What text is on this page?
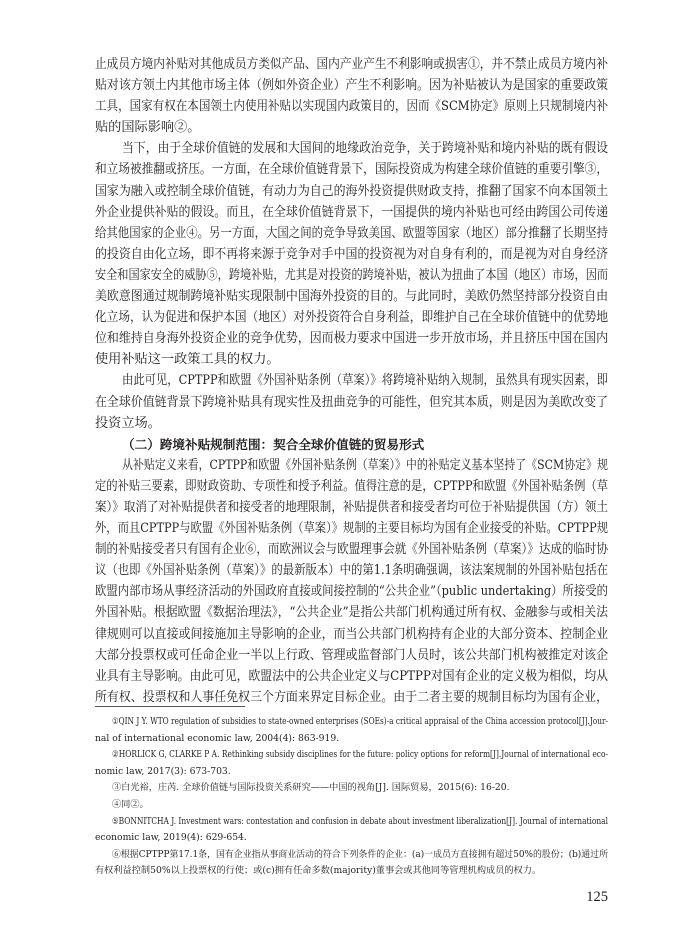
止成员方境内补贴对其他成员方类似产品、国内产业产生不利影响或损害①，并不禁止成员方境内补
贴对该方领土内其他市场主体（例如外资企业）产生不利影响。因为补贴被认为是国家的重要政策
工具，国家有权在本国领土内使用补贴以实现国内政策目的，因而《SCM协定》原则上只规制境内补
贴的国际影响②。
当下，由于全球价值链的发展和大国间的地缘政治竞争，关于跨境补贴和境内补贴的既有假设
和立场被推翻或挤压。一方面，在全球价值链背景下，国际投资成为构建全球价值链的重要引擎③，
国家为融入或控制全球价值链，有动力为自己的海外投资提供财政支持，推翻了国家不向本国领土
外企业提供补贴的假设。而且，在全球价值链背景下，一国提供的境内补贴也可经由跨国公司传递
给其他国家的企业④。另一方面，大国之间的竞争导致美国、欧盟等国家（地区）部分推翻了长期坚持
的投资自由化立场，即不再将来源于竞争对手中国的投资视为对自身有利的，而是视为对自身经济
安全和国家安全的威胁⑤，跨境补贴，尤其是对投资的跨境补贴，被认为扭曲了本国（地区）市场，因而
美欧意图通过规制跨境补贴实现限制中国海外投资的目的。与此同时，美欧仍然坚持部分投资自由
化立场，认为促进和保护本国（地区）对外投资符合自身利益，即维护自己在全球价值链中的优势地
位和维持自身海外投资企业的竞争优势，因而极力要求中国进一步开放市场，并且挤压中国在国内
使用补贴这一政策工具的权力。
由此可见，CPTPP和欧盟《外国补贴条例（草案）》将跨境补贴纳入规制，虽然具有现实因素，即
在全球价值链背景下跨境补贴具有现实性及扭曲竞争的可能性，但究其本质，则是因为美欧改变了
投资立场。
（二）跨境补贴规制范围：契合全球价值链的贸易形式
从补贴定义来看，CPTPP和欧盟《外国补贴条例（草案）》中的补贴定义基本坚持了《SCM协定》规
定的补贴三要素，即财政资助、专项性和授予利益。值得注意的是，CPTPP和欧盟《外国补贴条例（草
案）》取消了对补贴提供者和接受者的地理限制，补贴提供者和接受者均可位于补贴提供国（方）领土
外，而且CPTPP与欧盟《外国补贴条例（草案）》规制的主要目标均为国有企业接受的补贴。CPTPP规
制的补贴接受者只有国有企业⑥，而欧洲议会与欧盟理事会就《外国补贴条例（草案）》达成的临时协
议（也即《外国补贴条例（草案）》的最新版本）中的第1.1条明确强调，该法案规制的外国补贴包括在
欧盟内部市场从事经济活动的外国政府直接或间接控制的“公共企业”（public undertaking）所接受的
外国补贴。根据欧盟《数据治理法》，“公共企业”是指公共部门机构通过所有权、金融参与或相关法
律规则可以直接或间接施加主导影响的企业，而当公共部门机构持有企业的大部分资本、控制企业
大部分投票权或可任命企业一半以上行政、管理或监督部门人员时，该公共部门机构被推定对该企
业具有主导影响。由此可见，欧盟法中的公共企业定义与CPTPP对国有企业的定义极为相似，均从
所有权、投票权和人事任免权三个方面来界定目标企业。由于二者主要的规制目标均为国有企业，
①QIN J Y. WTO regulation of subsidies to state-owned enterprises (SOEs)-a critical appraisal of the China accession protocol[J].Jour-
nal of international economic law, 2004(4): 863-919.
②HORLICK G, CLARKE P A. Rethinking subsidy disciplines for the future: policy options for reform[J].Journal of international eco-
nomic law, 2017(3): 673-703.
③白光裕，庄芮. 全球价值链与国际投资关系研究——中国的视角[J]. 国际贸易，2015(6): 16-20.
④同②。
⑤BONNITCHA J. Investment wars: contestation and confusion in debate about investment liberalization[J]. Journal of international
economic law, 2019(4): 629-654.
⑥根据CPTPP第17.1条，国有企业指从事商业活动的符合下列条件的企业：(a)一成员方直接拥有超过50%的股份；(b)通过所
有权利益控制50%以上投票权的行使；或(c)拥有任命多数(majority)董事会或其他同等管理机构成员的权力。
125
